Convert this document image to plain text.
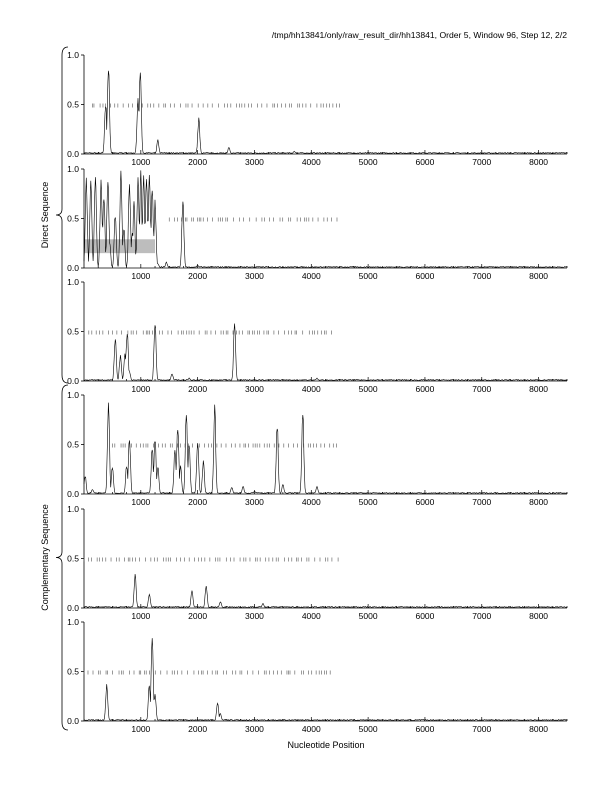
/tmp/hh13841/only/raw_result_dir/hh13841, Order 5, Window 96, Step 12, 2/2
0.0
0.5
1.0
1000	2000	3000	4000	5000	6000	7000	8000
0.0
0.5
1.0
1000	2000	3000	4000	5000	6000	7000	8000
0.0
0.5
1.0
1000	2000	3000	4000	5000	6000	7000	8000
0.0
0.5
1.0
1000	2000	3000	4000	5000	6000	7000	8000
0.0
0.5
1.0
1000	2000	3000	4000	5000	6000	7000	8000
0.0
0.5
1.0
1000	2000	3000	4000	5000	6000	7000	8000
Nucleotide Position
Direct Sequence
Complementary Sequence
